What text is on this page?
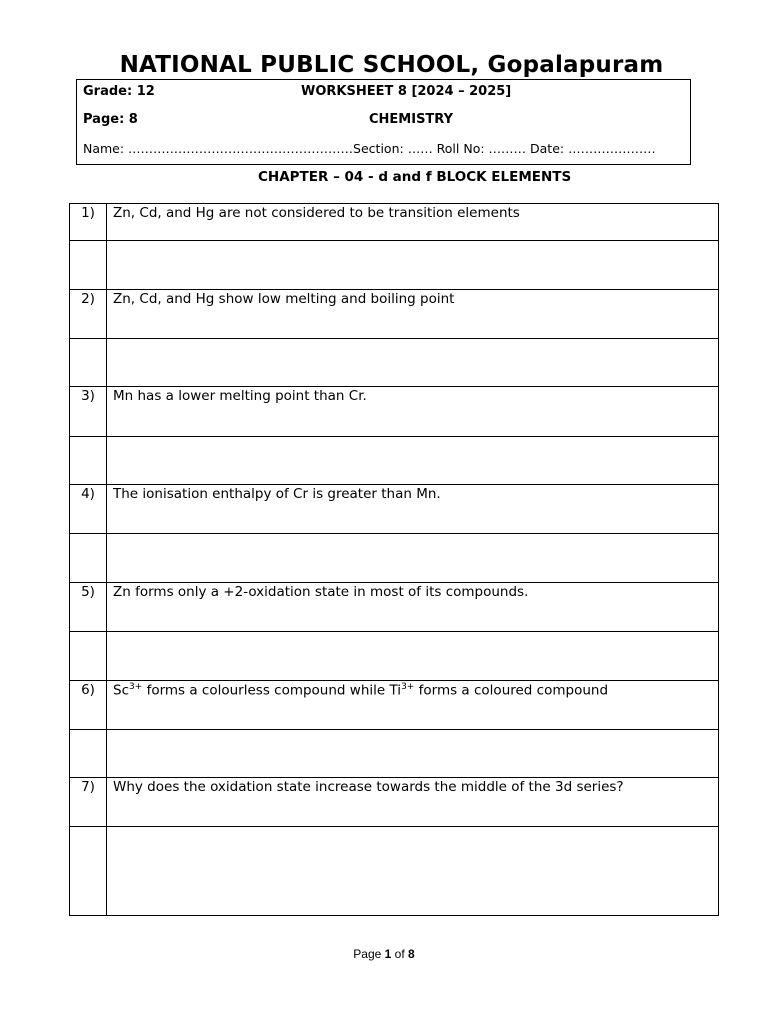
NATIONAL PUBLIC SCHOOL, Gopalapuram
Grade: 12	WORKSHEET 8 [2024 – 2025]
Page: 8	CHEMISTRY
Name: ………………………………………………Section: …… Roll No: ……… Date: …………………
CHAPTER – 04 - d and f BLOCK ELEMENTS
1)	Zn, Cd, and Hg are not considered to be transition elements

2)	Zn, Cd, and Hg show low melting and boiling point

3)	Mn has a lower melting point than Cr.

4)	The ionisation enthalpy of Cr is greater than Mn.

5)	Zn forms only a +2-oxidation state in most of its compounds.

6)	$Sc^{3+}$ forms a colourless compound while $Ti^{3+}$ forms a coloured compound

7)	Why does the oxidation state increase towards the middle of the 3d series?

Page 1 of 8
